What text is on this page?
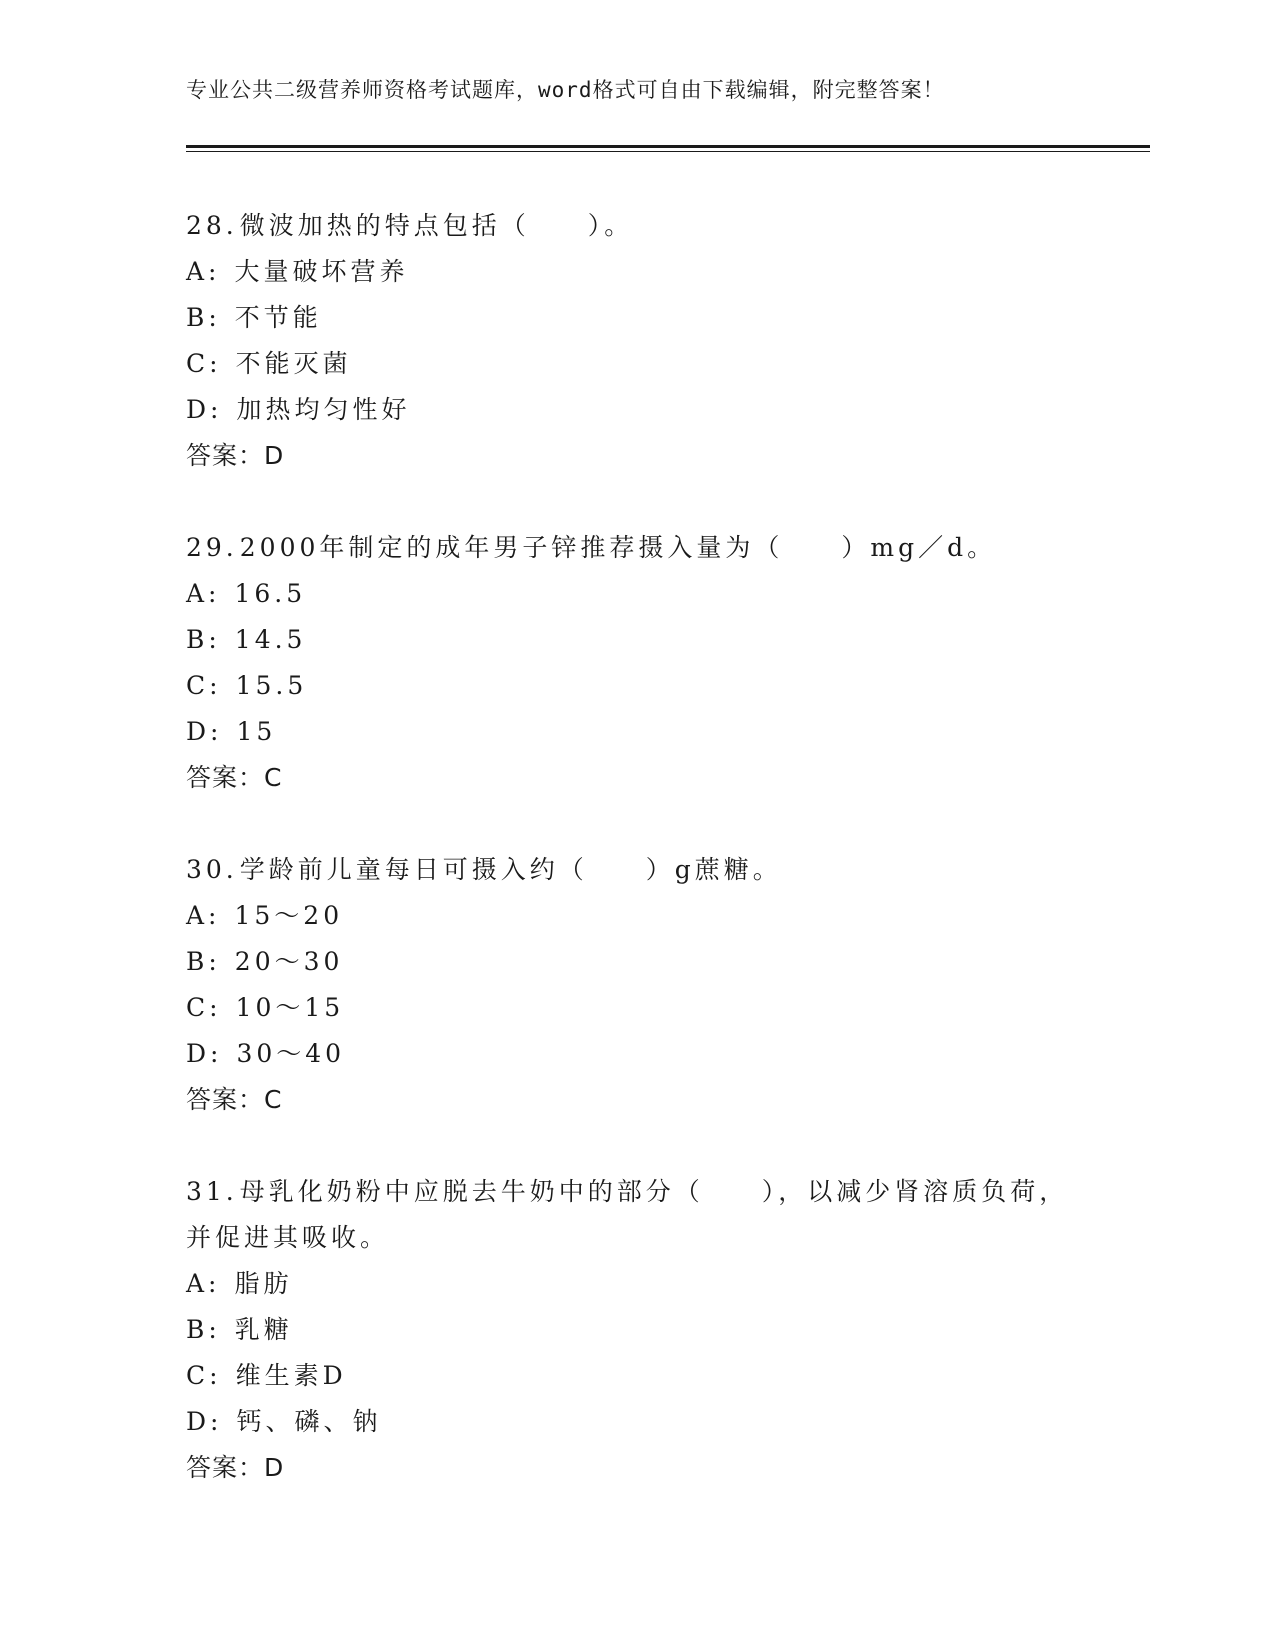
专业公共二级营养师资格考试题库，word格式可自由下载编辑，附完整答案！
28.微波加热的特点包括（　　）。
A: 大量破坏营养
B: 不节能
C: 不能灭菌
D: 加热均匀性好
答案：D
29.2000年制定的成年男子锌推荐摄入量为（　　）mg／d。
A: 16.5
B: 14.5
C: 15.5
D: 15
答案：C
30.学龄前儿童每日可摄入约（　　）g蔗糖。
A: 15～20
B: 20～30
C: 10～15
D: 30～40
答案：C
31.母乳化奶粉中应脱去牛奶中的部分（　　），以减少肾溶质负荷，
并促进其吸收。
A: 脂肪
B: 乳糖
C: 维生素D
D: 钙、磷、钠
答案：D
